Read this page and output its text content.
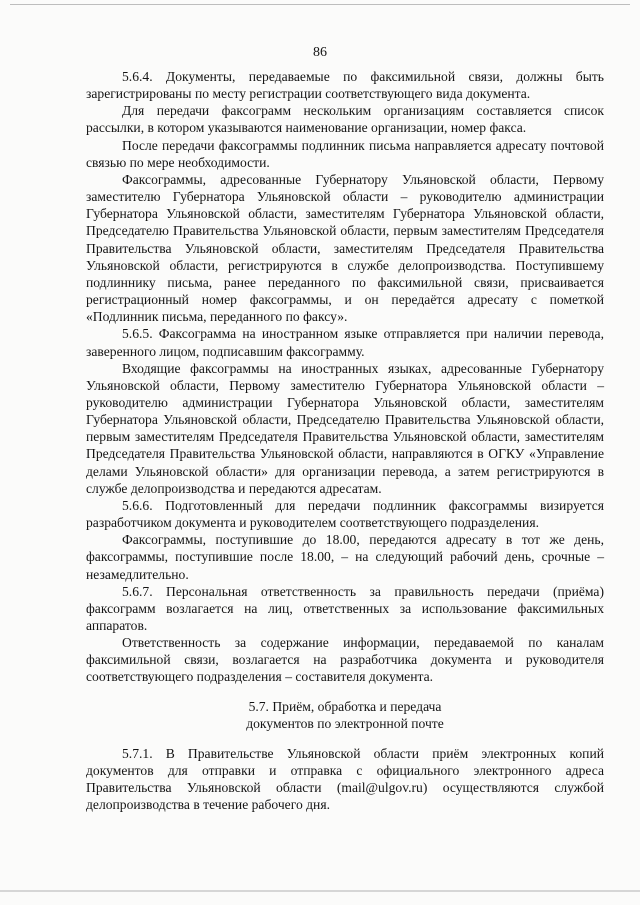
86

5.6.4. Документы, передаваемые по факсимильной связи, должны быть зарегистрированы по месту регистрации соответствующего вида документа.

Для передачи факсограмм нескольким организациям составляется список рассылки, в котором указываются наименование организации, номер факса.

После передачи факсограммы подлинник письма направляется адресату почтовой связью по мере необходимости.

Факсограммы, адресованные Губернатору Ульяновской области, Первому заместителю Губернатора Ульяновской области – руководителю администрации Губернатора Ульяновской области, заместителям Губернатора Ульяновской области, Председателю Правительства Ульяновской области, первым заместителям Председателя Правительства Ульяновской области, заместителям Председателя Правительства Ульяновской области, регистрируются в службе делопроизводства. Поступившему подлиннику письма, ранее переданного по факсимильной связи, присваивается регистрационный номер факсограммы, и он передаётся адресату с пометкой «Подлинник письма, переданного по факсу».

5.6.5. Факсограмма на иностранном языке отправляется при наличии перевода, заверенного лицом, подписавшим факсограмму.

Входящие факсограммы на иностранных языках, адресованные Губернатору Ульяновской области, Первому заместителю Губернатора Ульяновской области – руководителю администрации Губернатора Ульяновской области, заместителям Губернатора Ульяновской области, Председателю Правительства Ульяновской области, первым заместителям Председателя Правительства Ульяновской области, заместителям Председателя Правительства Ульяновской области, направляются в ОГКУ «Управление делами Ульяновской области» для организации перевода, а затем регистрируются в службе делопроизводства и передаются адресатам.

5.6.6. Подготовленный для передачи подлинник факсограммы визируется разработчиком документа и руководителем соответствующего подразделения.

Факсограммы, поступившие до 18.00, передаются адресату в тот же день, факсограммы, поступившие после 18.00, – на следующий рабочий день, срочные – незамедлительно.

5.6.7. Персональная ответственность за правильность передачи (приёма) факсограмм возлагается на лиц, ответственных за использование факсимильных аппаратов.

Ответственность за содержание информации, передаваемой по каналам факсимильной связи, возлагается на разработчика документа и руководителя соответствующего подразделения – составителя документа.

5.7. Приём, обработка и передача
документов по электронной почте

5.7.1. В Правительстве Ульяновской области приём электронных копий документов для отправки и отправка с официального электронного адреса Правительства Ульяновской области (mail@ulgov.ru) осуществляются службой делопроизводства в течение рабочего дня.
